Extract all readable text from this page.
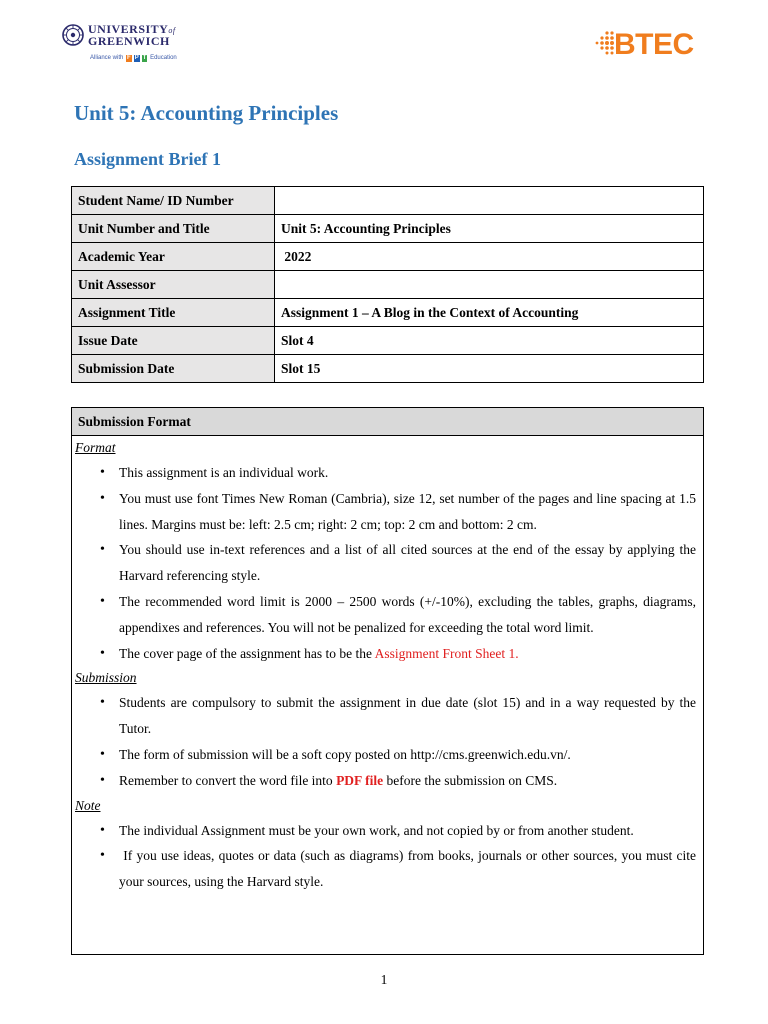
UNIVERSITYof
GREENWICH
Alliance with F P T Education	BTEC
Unit 5: Accounting Principles
Assignment Brief 1
Student Name/ ID Number	
Unit Number and Title	Unit 5: Accounting Principles
Academic Year	2022
Unit Assessor	
Assignment Title	Assignment 1 – A Blog in the Context of Accounting
Issue Date	Slot 4
Submission Date	Slot 15
Submission Format
Format
• This assignment is an individual work.
• You must use font Times New Roman (Cambria), size 12, set number of the pages and line spacing at 1.5 lines. Margins must be: left: 2.5 cm; right: 2 cm; top: 2 cm and bottom: 2 cm.
• You should use in-text references and a list of all cited sources at the end of the essay by applying the Harvard referencing style.
• The recommended word limit is 2000 – 2500 words (+/-10%), excluding the tables, graphs, diagrams, appendixes and references. You will not be penalized for exceeding the total word limit.
• The cover page of the assignment has to be the Assignment Front Sheet 1.
Submission
• Students are compulsory to submit the assignment in due date (slot 15) and in a way requested by the Tutor.
• The form of submission will be a soft copy posted on http://cms.greenwich.edu.vn/.
• Remember to convert the word file into PDF file before the submission on CMS.
Note
• The individual Assignment must be your own work, and not copied by or from another student.
•  If you use ideas, quotes or data (such as diagrams) from books, journals or other sources, you must cite your sources, using the Harvard style.
1
